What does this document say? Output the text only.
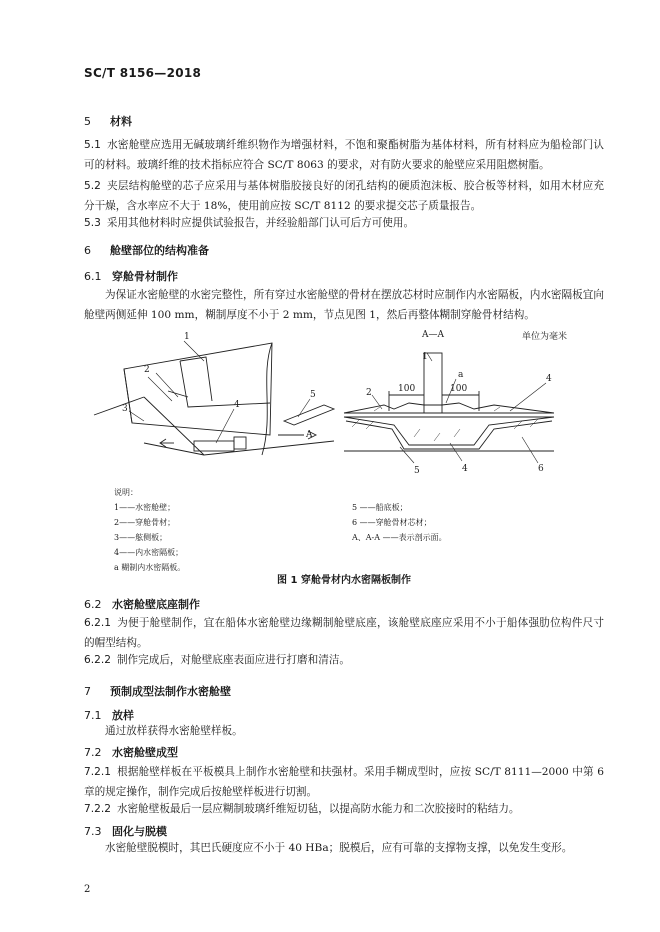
SC/T 8156—2018
5 材料
5.1 水密舱壁应选用无碱玻璃纤维织物作为增强材料，不饱和聚酯树脂为基体材料，所有材料应为船检部门认可的材料。玻璃纤维的技术指标应符合 SC/T 8063 的要求，对有防火要求的舱壁应采用阻燃树脂。
5.2 夹层结构舱壁的芯子应采用与基体树脂胶接良好的闭孔结构的硬质泡沫板、胶合板等材料，如用木材应充分干燥，含水率应不大于 18%，使用前应按 SC/T 8112 的要求提交芯子质量报告。
5.3 采用其他材料时应提供试验报告，并经验船部门认可后方可使用。
6 舱壁部位的结构准备
6.1 穿舱骨材制作
为保证水密舱壁的水密完整性，所有穿过水密舱壁的骨材在摆放芯材时应制作内水密隔板，内水密隔板宜向舱壁两侧延伸 100 mm，糊制厚度不小于 2 mm，节点见图 1，然后再整体糊制穿舱骨材结构。
1
2
3	4
5
A
A—A	单位为毫米
1
2
4
5	4	6
a
100	100
说明：
1——水密舱壁；
2——穿舱骨材；
3——舷侧板；
4——内水密隔板；
a 糊制内水密隔板。
5 ——船底板；
6 ——穿舱骨材芯材；
A、A-A ——表示剖示面。
图 1 穿舱骨材内水密隔板制作
6.2 水密舱壁底座制作
6.2.1 为便于舱壁制作，宜在船体水密舱壁边缘糊制舱壁底座，该舱壁底座应采用不小于船体强肋位构件尺寸的帽型结构。
6.2.2 制作完成后，对舱壁底座表面应进行打磨和清洁。
7 预制成型法制作水密舱壁
7.1 放样
通过放样获得水密舱壁样板。
7.2 水密舱壁成型
7.2.1 根据舱壁样板在平板模具上制作水密舱壁和扶强材。采用手糊成型时，应按 SC/T 8111—2000 中第 6 章的规定操作，制作完成后按舱壁样板进行切割。
7.2.2 水密舱壁板最后一层应糊制玻璃纤维短切毡，以提高防水能力和二次胶接时的粘结力。
7.3 固化与脱模
水密舱壁脱模时，其巴氏硬度应不小于 40 HBa；脱模后，应有可靠的支撑物支撑，以免发生变形。
2
